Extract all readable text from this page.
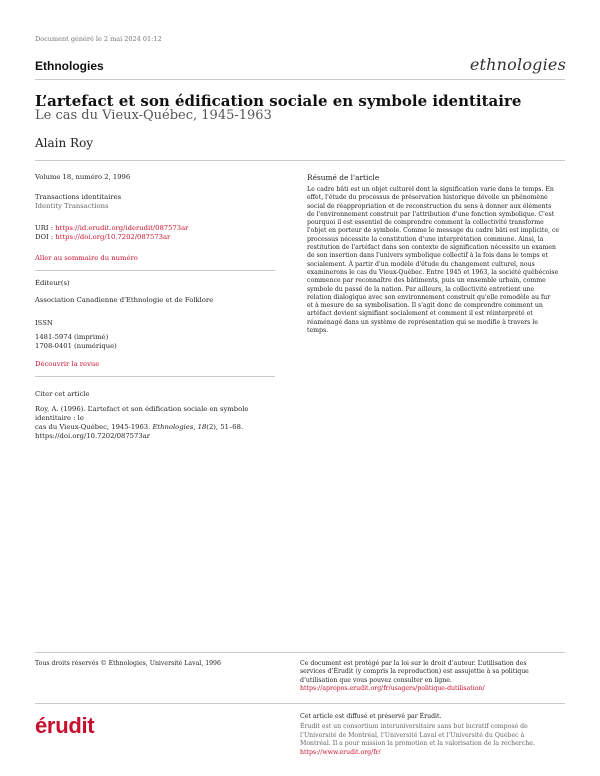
Document généré le 2 mai 2024 01:12
Ethnologies	ethnologies
L’artefact et son édification sociale en symbole identitaire
Le cas du Vieux-Québec, 1945-1963
Alain Roy
Volume 18, numéro 2, 1996
Transactions identitaires
Identity Transactions
URI : https://id.erudit.org/iderudit/087573ar
DOI : https://doi.org/10.7202/087573ar
Aller au sommaire du numéro
Éditeur(s)
Association Canadienne d'Ethnologie et de Folklore
ISSN
1481-5974 (imprimé)
1708-0401 (numérique)
Découvrir la revue
Citer cet article
Roy, A. (1996). L’artefact et son édification sociale en symbole identitaire : le
cas du Vieux-Québec, 1945-1963. Ethnologies, 18(2), 51–68.
https://doi.org/10.7202/087573ar
Résumé de l'article
Le cadre bâti est un objet culturel dont la signification varie dans le temps. En
effet, l'étude du processus de préservation historique dévoile un phénomène
social de réappropriation et de reconstruction du sens à donner aux éléments
de l'environnement construit par l'attribution d'une fonction symbolique. C'est
pourquoi il est essentiel de comprendre comment la collectivité transforme
l'objet en porteur de symbole. Comme le message du cadre bâti est implicite, ce
processus nécessite la constitution d'une interprétation commune. Ainsi, la
restitution de l'artéfact dans son contexte de signification nécessite un examen
de son insertion dans l'univers symbolique collectif à la fois dans le temps et
socialement. À partir d'un modèle d'étude du changement culturel, nous
examinerons le cas du Vieux-Québec. Entre 1945 et 1963, la société québécoise
commence par reconnaître des bâtiments, puis un ensemble urbain, comme
symbole du passé de la nation. Par ailleurs, la collectivité entretient une
relation dialogique avec son environnement construit qu'elle remodèle au fur
et à mesure de sa symbolisation. Il s'agit donc de comprendre comment un
artéfact devient signifiant socialement et comment il est réinterprété et
réaménagé dans un système de représentation qui se modifie à travers le
temps.
Tous droits réservés © Ethnologies, Université Laval, 1996	Ce document est protégé par la loi sur le droit d’auteur. L’utilisation des
services d’Érudit (y compris la reproduction) est assujettie à sa politique
d’utilisation que vous pouvez consulter en ligne.
https://apropos.erudit.org/fr/usagers/politique-dutilisation/
érudit	Cet article est diffusé et préservé par Érudit.
Érudit est un consortium interuniversitaire sans but lucratif composé de
l’Université de Montréal, l’Université Laval et l’Université du Québec à
Montréal. Il a pour mission la promotion et la valorisation de la recherche.
https://www.erudit.org/fr/
